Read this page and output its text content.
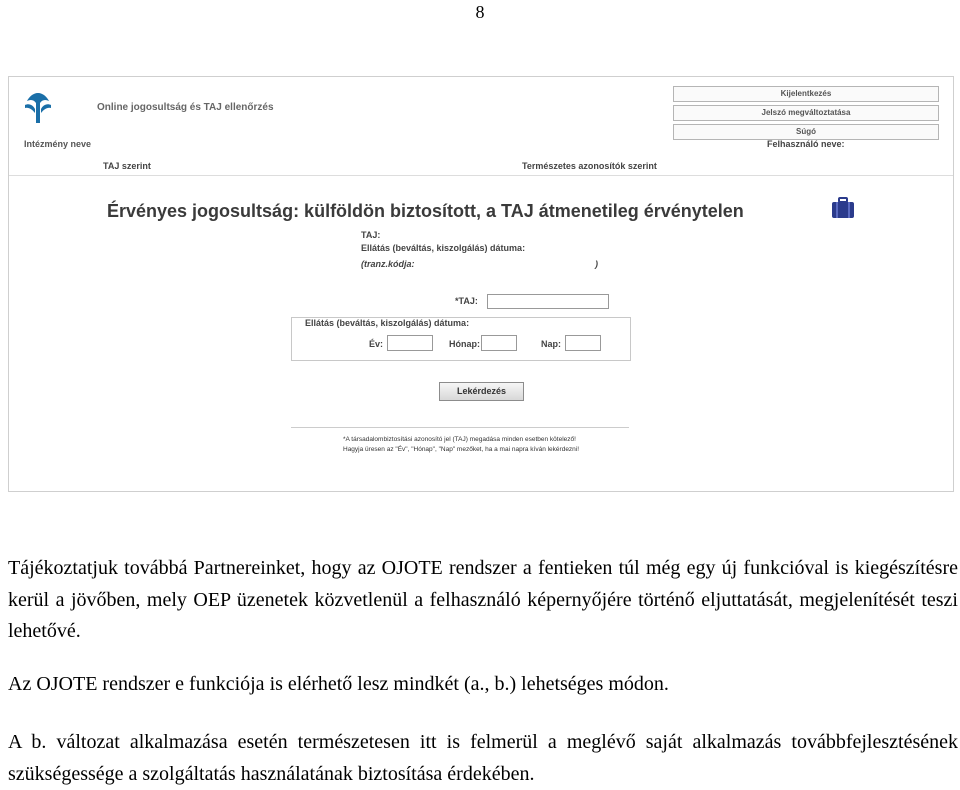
8
Online jogosultság és TAJ ellenőrzés
Intézmény neve
Kijelentkezés
Jelszó megváltoztatása
Súgó
Felhasználó neve:
TAJ szerint	Természetes azonosítók szerint
Érvényes jogosultság: külföldön biztosított, a TAJ átmenetileg érvénytelen
TAJ:
Ellátás (beváltás, kiszolgálás) dátuma:
(tranz.kódja:	)
*TAJ:
Ellátás (beváltás, kiszolgálás) dátuma:
Év:	Hónap:	Nap:
Lekérdezés
*A társadalombiztosítási azonosító jel (TAJ) megadása minden esetben kötelező!
Hagyja üresen az "Év", "Hónap", "Nap" mezőket, ha a mai napra kíván lekérdezni!
Tájékoztatjuk továbbá Partnereinket, hogy az OJOTE rendszer a fentieken túl még egy új funkcióval is kiegészítésre kerül a jövőben, mely OEP üzenetek közvetlenül a felhasználó képernyőjére történő eljuttatását, megjelenítését teszi lehetővé.
Az OJOTE rendszer e funkciója is elérhető lesz mindkét (a., b.) lehetséges módon.
A b. változat alkalmazása esetén természetesen itt is felmerül a meglévő saját alkalmazás továbbfejlesztésének szükségessége a szolgáltatás használatának biztosítása érdekében.
